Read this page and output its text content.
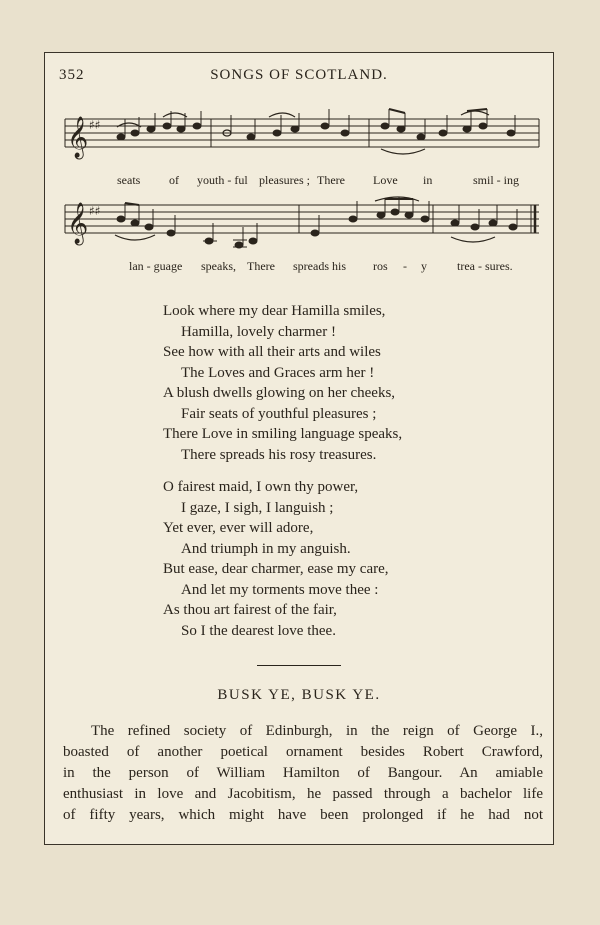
352	SONGS OF SCOTLAND.
𝄞 ♯♯
seats of youth - ful pleasures ; There Love in	smil - ing
𝄞 ♯♯
lan - guage speaks, There spreads his ros - y	trea - sures.
Look where my dear Hamilla smiles,
Hamilla, lovely charmer !
See how with all their arts and wiles
The Loves and Graces arm her !
A blush dwells glowing on her cheeks,
Fair seats of youthful pleasures ;
There Love in smiling language speaks,
There spreads his rosy treasures.
O fairest maid, I own thy power,
I gaze, I sigh, I languish ;
Yet ever, ever will adore,
And triumph in my anguish.
But ease, dear charmer, ease my care,
And let my torments move thee :
As thou art fairest of the fair,
So I the dearest love thee.
BUSK YE, BUSK YE.
The refined society of Edinburgh, in the reign of George I.,
boasted of another poetical ornament besides Robert Crawford,
in the person of William Hamilton of Bangour. An amiable
enthusiast in love and Jacobitism, he passed through a bachelor life
of fifty years, which might have been prolonged if he had not
